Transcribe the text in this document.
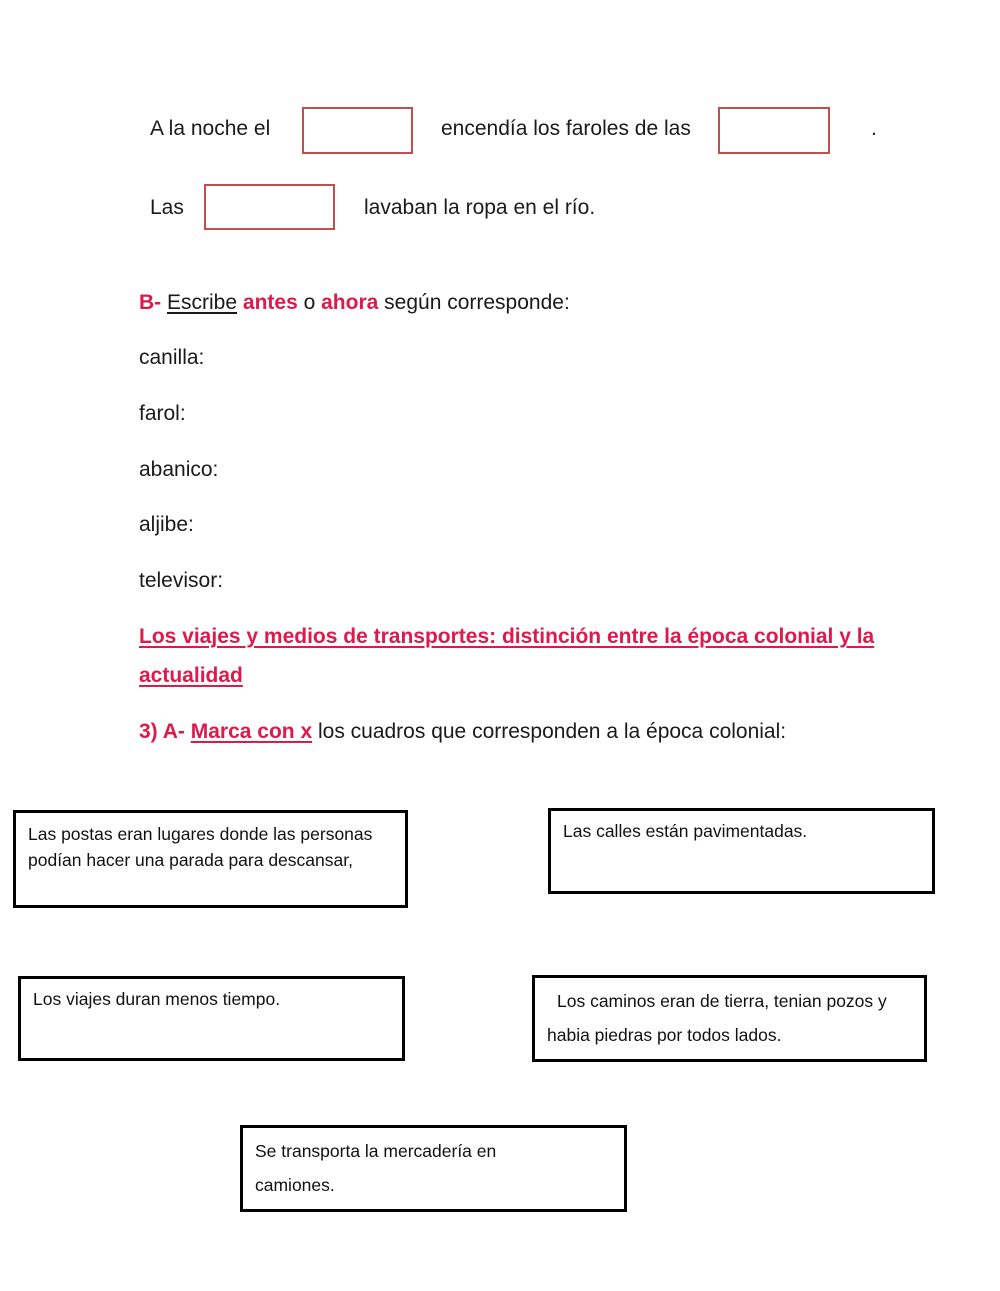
A la noche el	encendía los faroles de las	.
Las	lavaban la ropa en el río.
B- Escribe antes o ahora según corresponde:
canilla:
farol:
abanico:
aljibe:
televisor:
Los viajes y medios de transportes: distinción entre la época colonial y la actualidad
3) A- Marca con x los cuadros que corresponden a la época colonial:
Las postas eran lugares donde las personas podían hacer una parada para descansar,
Las calles están pavimentadas.
Los viajes duran menos tiempo.	Los caminos eran de tierra, tenian pozos y habia piedras por todos lados.
Se transporta la mercadería en camiones.
